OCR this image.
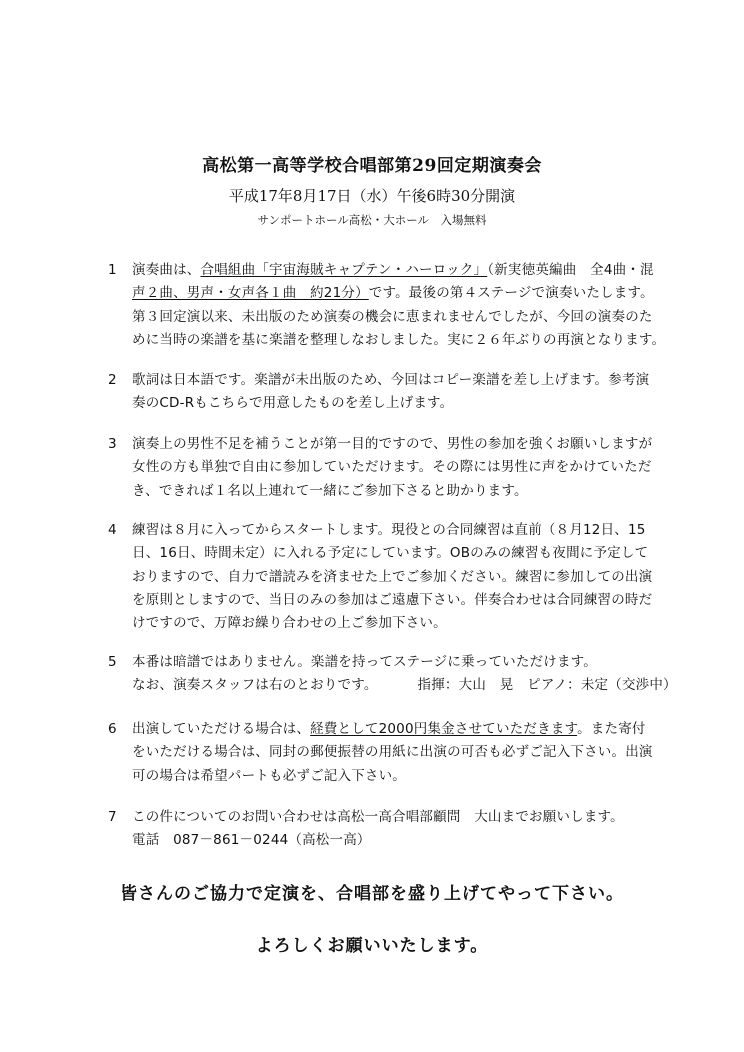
高松第一高等学校合唱部第29回定期演奏会
平成17年8月17日（水）午後6時30分開演
サンポートホール高松・大ホール　入場無料
1	演奏曲は、合唱組曲「宇宙海賊キャプテン・ハーロック」（新実徳英編曲　全4曲・混
声２曲、男声・女声各１曲　約21分）です。最後の第４ステージで演奏いたします。
第３回定演以来、未出版のため演奏の機会に恵まれませんでしたが、今回の演奏のた
めに当時の楽譜を基に楽譜を整理しなおしました。実に２６年ぶりの再演となります。
2	歌詞は日本語です。楽譜が未出版のため、今回はコピー楽譜を差し上げます。参考演
奏のCD-Rもこちらで用意したものを差し上げます。
3	演奏上の男性不足を補うことが第一目的ですので、男性の参加を強くお願いしますが
女性の方も単独で自由に参加していただけます。その際には男性に声をかけていただ
き、できれば１名以上連れて一緒にご参加下さると助かります。
4	練習は８月に入ってからスタートします。現役との合同練習は直前（８月12日、15
日、16日、時間未定）に入れる予定にしています。OBのみの練習も夜間に予定して
おりますので、自力で譜読みを済ませた上でご参加ください。練習に参加しての出演
を原則としますので、当日のみの参加はご遠慮下さい。伴奏合わせは合同練習の時だ
けですので、万障お繰り合わせの上ご参加下さい。
5	本番は暗譜ではありません。楽譜を持ってステージに乗っていただけます。
なお、演奏スタッフは右のとおりです。	指揮：大山　晃　ピアノ：未定（交渉中）
6	出演していただける場合は、経費として2000円集金させていただきます。また寄付
をいただける場合は、同封の郵便振替の用紙に出演の可否も必ずご記入下さい。出演
可の場合は希望パートも必ずご記入下さい。
7	この件についてのお問い合わせは高松一高合唱部顧問　大山までお願いします。
電話　087－861－0244（高松一高）
皆さんのご協力で定演を、合唱部を盛り上げてやって下さい。
よろしくお願いいたします。
